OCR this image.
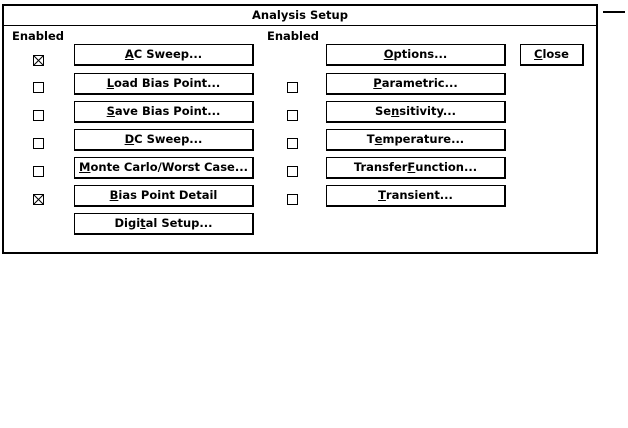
Analysis Setup
Enabled	Enabled
AC Sweep...
Load Bias Point...
Save Bias Point...
DC Sweep...
Monte Carlo/Worst Case...
Bias Point Detail
Digital Setup...
Options...
Parametric...
Sensitivity...
Temperature...
TransferFunction...
Transient...
Close
